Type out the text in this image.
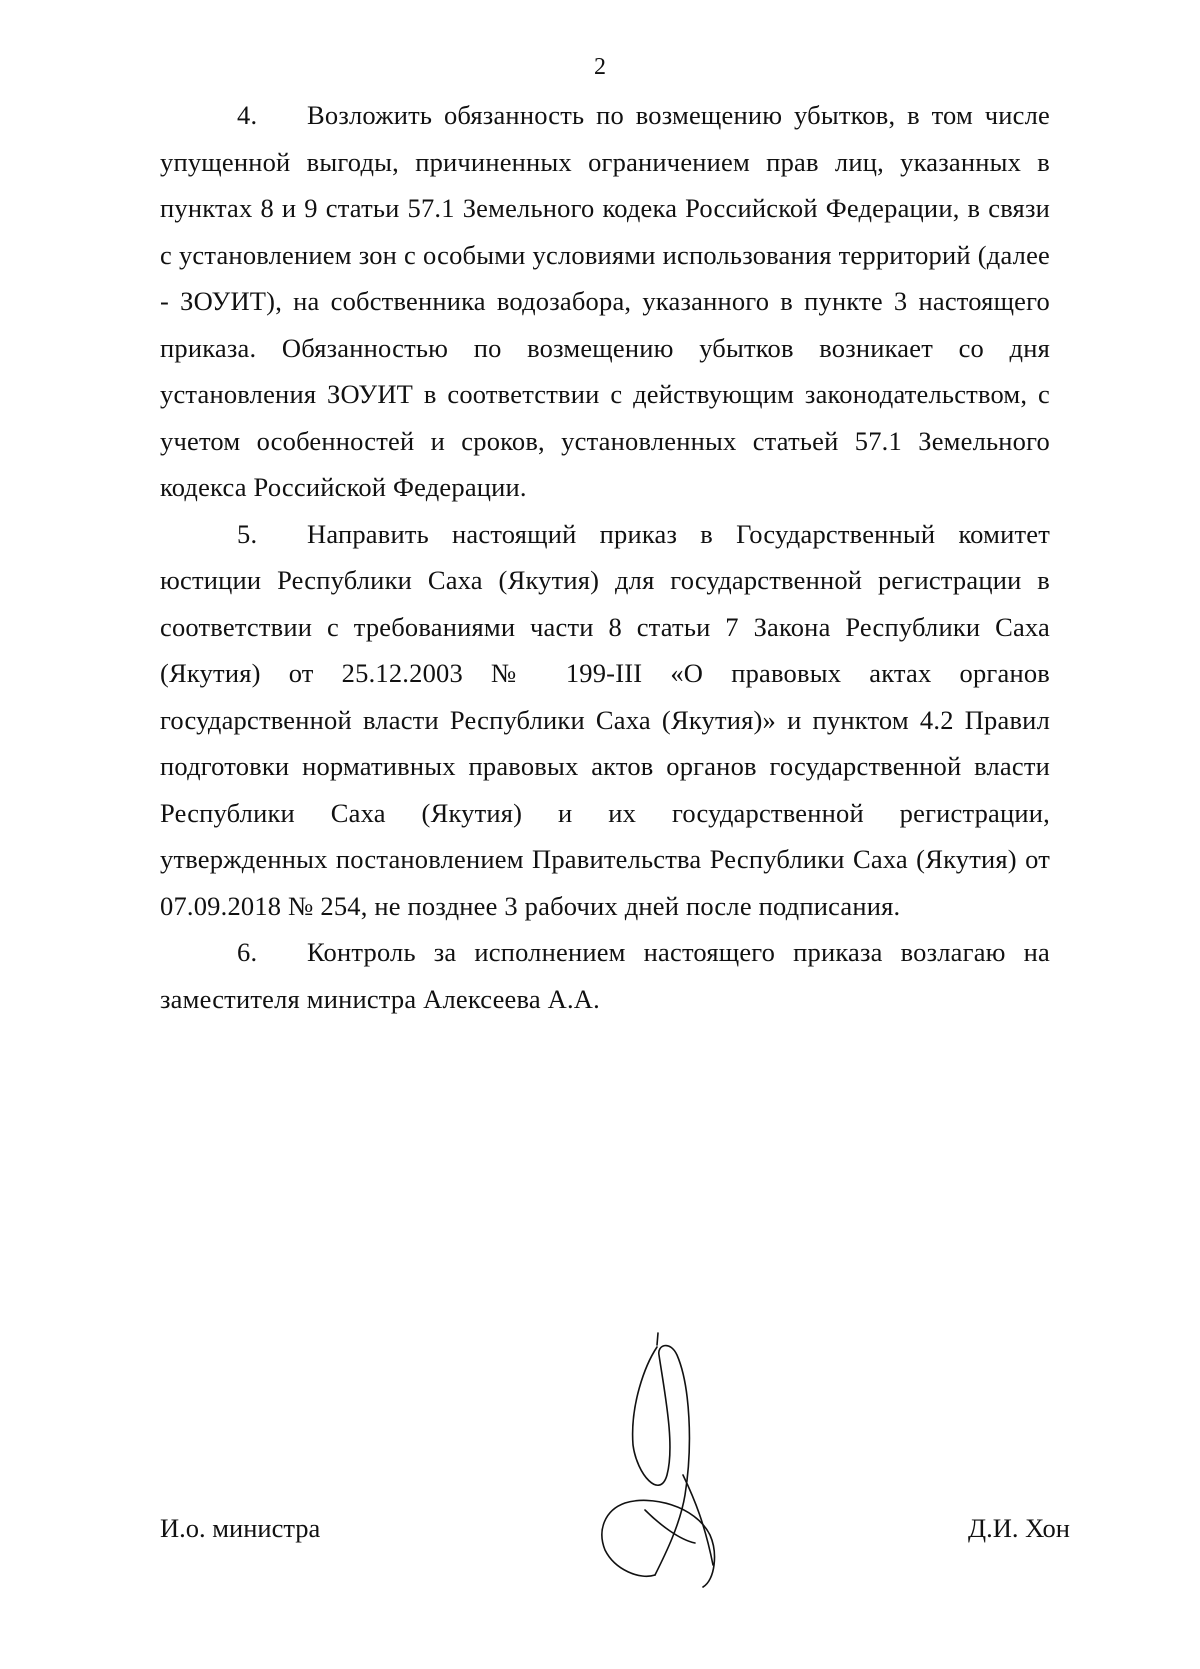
2

4. Возложить обязанность по возмещению убытков, в том числе упущенной выгоды, причиненных ограничением прав лиц, указанных в пунктах 8 и 9 статьи 57.1 Земельного кодека Российской Федерации, в связи с установлением зон с особыми условиями использования территорий (далее - ЗОУИТ), на собственника водозабора, указанного в пункте 3 настоящего приказа. Обязанностью по возмещению убытков возникает со дня установления ЗОУИТ в соответствии с действующим законодательством, с учетом особенностей и сроков, установленных статьей 57.1 Земельного кодекса Российской Федерации.

5. Направить настоящий приказ в Государственный комитет юстиции Республики Саха (Якутия) для государственной регистрации в соответствии с требованиями части 8 статьи 7 Закона Республики Саха (Якутия) от 25.12.2003 № 199-III «О правовых актах органов государственной власти Республики Саха (Якутия)» и пунктом 4.2 Правил подготовки нормативных правовых актов органов государственной власти Республики Саха (Якутия) и их государственной регистрации, утвержденных постановлением Правительства Республики Саха (Якутия) от 07.09.2018 № 254, не позднее 3 рабочих дней после подписания.

6. Контроль за исполнением настоящего приказа возлагаю на заместителя министра Алексеева А.А.

И.о. министра	Д.И. Хон
